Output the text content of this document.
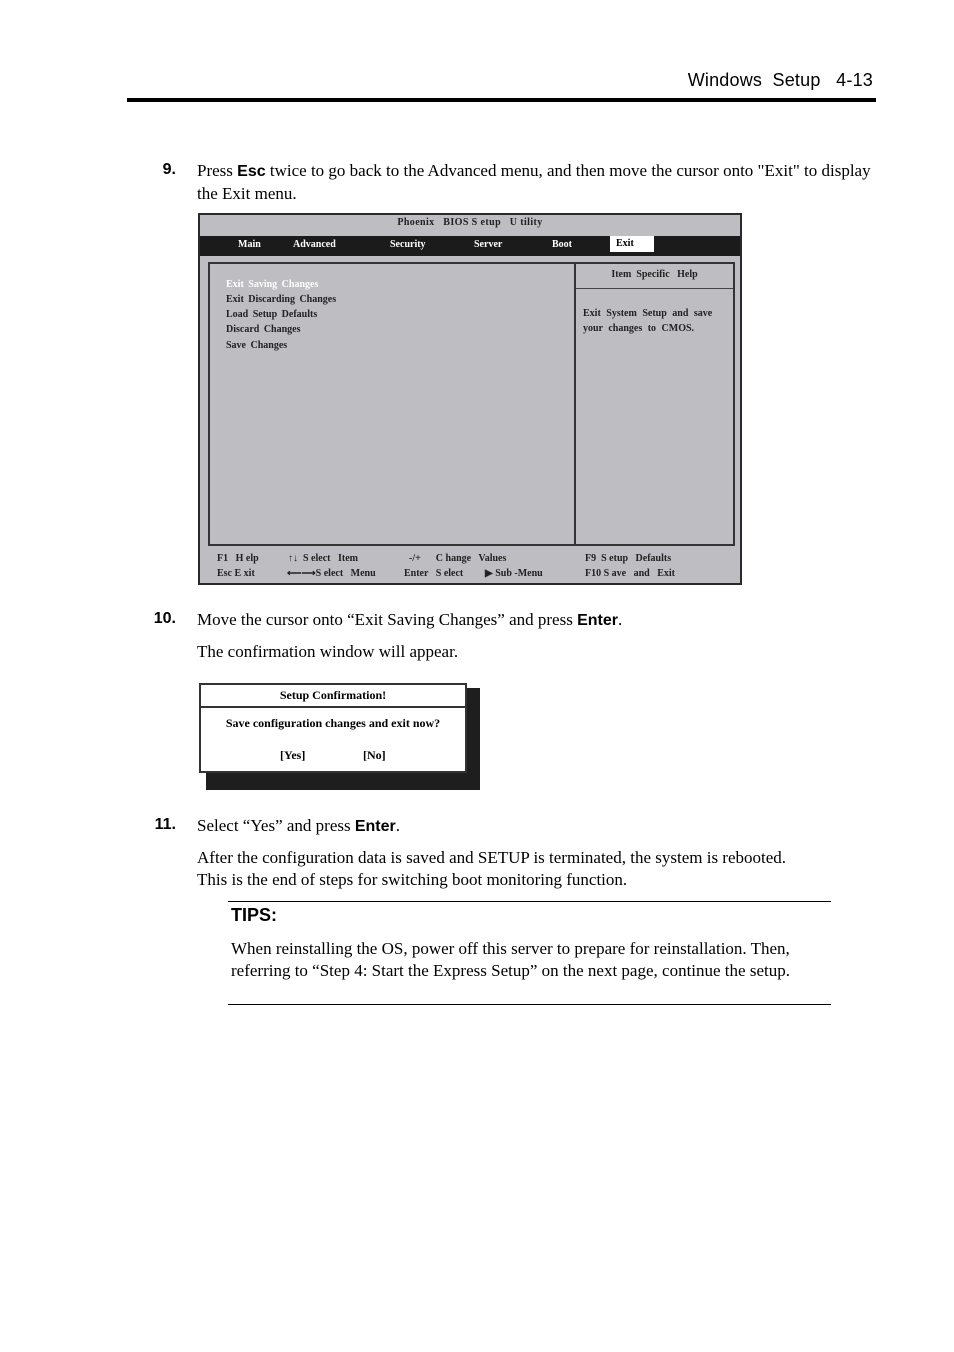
Windows  Setup 4-13
9. Press Esc twice to go back to the Advanced menu, and then move the cursor onto "Exit" to display the Exit menu.
Phoenix   BIOS S etup   U tility
Main	Advanced	Security	Server	Boot	Exit
Exit Saving Changes
Exit Discarding Changes
Load Setup Defaults
Discard Changes
Save Changes
Item  Specific   Help
Exit System Setup and save your changes to CMOS.
F1   H elp	↑↓  S elect   Item	-/+      C hange   Values	F9  S etup   Defaults
Esc E xit	⟵⟶S elect   Menu	Enter   S elect ▶ Sub -Menu	F10 S ave   and   Exit
10. Move the cursor onto “Exit Saving Changes” and press Enter.
The confirmation window will appear.
Setup Confirmation!
Save configuration changes and exit now?
[Yes]	[No]
11. Select “Yes” and press Enter.
After the configuration data is saved and SETUP is terminated, the system is rebooted.
This is the end of steps for switching boot monitoring function.
TIPS:
When reinstalling the OS, power off this server to prepare for reinstallation. Then, referring to “Step 4: Start the Express Setup” on the next page, continue the setup.
